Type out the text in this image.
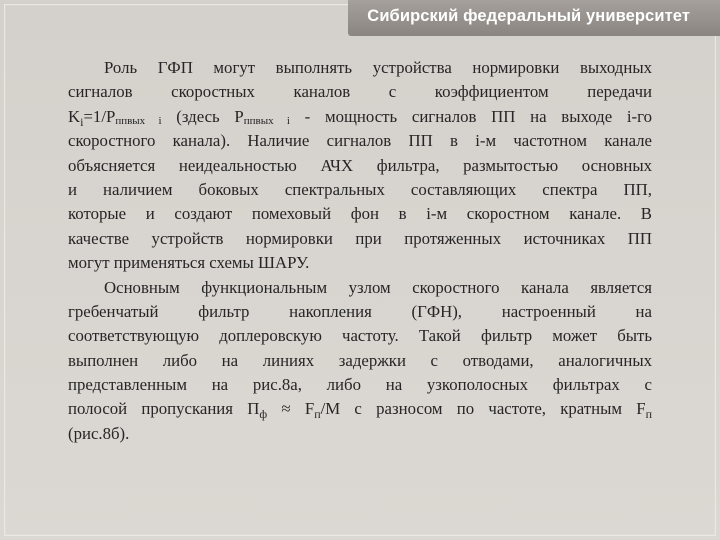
Сибирский федеральный университет
Роль ГФП могут выполнять устройства нормировки выходных
сигналов скоростных каналов с коэффициентом передачи
$K_i=1$/Pппвых i (здесь Pппвых i - мощность сигналов ПП на выходе i-го
скоростного канала). Наличие сигналов ПП в i-м частотном канале
объясняется неидеальностью АЧХ фильтра, размытостью основных
и наличием боковых спектральных составляющих спектра ПП,
которые и создают помеховый фон в i-м скоростном канале. В
качестве устройств нормировки при протяженных источниках ПП
могут применяться схемы ШАРУ.
Основным функциональным узлом скоростного канала является
гребенчатый фильтр накопления (ГФН), настроенный на
соответствующую доплеровскую частоту. Такой фильтр может быть
выполнен либо на линиях задержки с отводами, аналогичных
представленным на рис.8а, либо на узкополосных фильтрах с
полосой пропускания $\Pi_ф \approx F_п/M$ с разносом по частоте, кратным $F_п$
(рис.8б).
